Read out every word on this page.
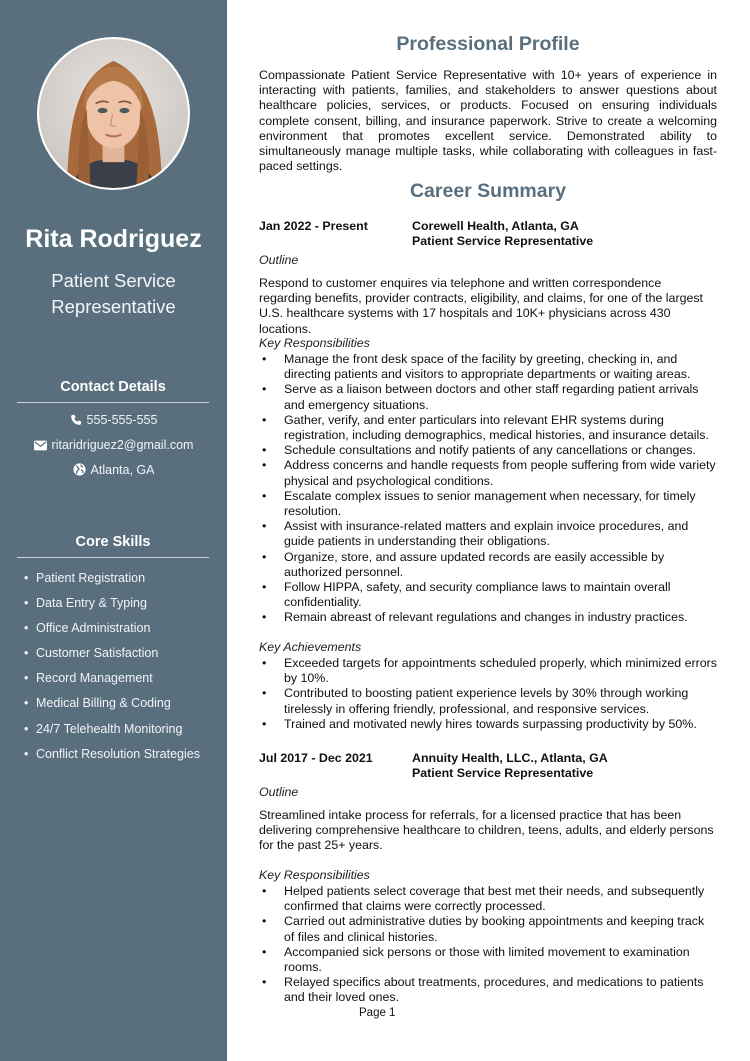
Rita Rodriguez
Patient Service Representative
Contact Details
555-555-555
ritaridriguez2@gmail.com
Atlanta, GA
Core Skills
• Patient Registration
• Data Entry & Typing
• Office Administration
• Customer Satisfaction
• Record Management
• Medical Billing & Coding
• 24/7 Telehealth Monitoring
• Conflict Resolution Strategies
Professional Profile
Compassionate Patient Service Representative with 10+ years of experience in interacting with patients, families, and stakeholders to answer questions about healthcare policies, services, or products. Focused on ensuring individuals complete consent, billing, and insurance paperwork. Strive to create a welcoming environment that promotes excellent service. Demonstrated ability to simultaneously manage multiple tasks, while collaborating with colleagues in fast-paced settings.
Career Summary
Jan 2022 - Present	Corewell Health, Atlanta, GA
Patient Service Representative
Outline
Respond to customer enquires via telephone and written correspondence regarding benefits, provider contracts, eligibility, and claims, for one of the largest U.S. healthcare systems with 17 hospitals and 10K+ physicians across 430 locations.
Key Responsibilities
• Manage the front desk space of the facility by greeting, checking in, and directing patients and visitors to appropriate departments or waiting areas.
• Serve as a liaison between doctors and other staff regarding patient arrivals and emergency situations.
• Gather, verify, and enter particulars into relevant EHR systems during registration, including demographics, medical histories, and insurance details.
• Schedule consultations and notify patients of any cancellations or changes.
• Address concerns and handle requests from people suffering from wide variety physical and psychological conditions.
• Escalate complex issues to senior management when necessary, for timely resolution.
• Assist with insurance-related matters and explain invoice procedures, and guide patients in understanding their obligations.
• Organize, store, and assure updated records are easily accessible by authorized personnel.
• Follow HIPPA, safety, and security compliance laws to maintain overall confidentiality.
• Remain abreast of relevant regulations and changes in industry practices.
Key Achievements
• Exceeded targets for appointments scheduled properly, which minimized errors by 10%.
• Contributed to boosting patient experience levels by 30% through working tirelessly in offering friendly, professional, and responsive services.
• Trained and motivated newly hires towards surpassing productivity by 50%.
Jul 2017 - Dec 2021	Annuity Health, LLC., Atlanta, GA
Patient Service Representative
Outline
Streamlined intake process for referrals, for a licensed practice that has been delivering comprehensive healthcare to children, teens, adults, and elderly persons for the past 25+ years.
Key Responsibilities
• Helped patients select coverage that best met their needs, and subsequently confirmed that claims were correctly processed.
• Carried out administrative duties by booking appointments and keeping track of files and clinical histories.
• Accompanied sick persons or those with limited movement to examination rooms.
• Relayed specifics about treatments, procedures, and medications to patients and their loved ones.
Page 1
